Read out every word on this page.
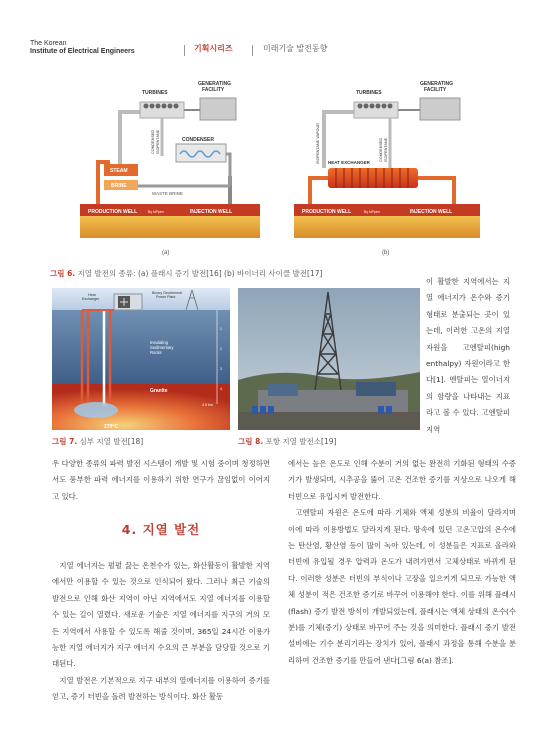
The Korean
Institute of Electrical Engineers	기획시리즈	미래기술 발전동향
PRODUCTION WELL	By kiPpen	INJECTION WELL
STEAM
BRINE
WASTE BRINE
TURBINES
GENERATING
FACILITY
CONDENSED ISOPENTANE	CONDENSER
(a)
PRODUCTION WELL	By kiPpen	INJECTION WELL
HEAT EXCHANGER
ISOPENTANE VAPOUR
TURBINES
GENERATING
FACILITY
CONDENSED ISOPENTANE
(b)
그림 6. 지열 발전의 종류: (a) 플래시 증기 발전[16] (b) 바이너리 사이클 발전[17]
Binary Geothermal
Power Plant
Heat
Exchanger
Insulating
Sedimentary
Rocks
Granite
270°C
4.5 km
1
2
3
4
그림 7. 심부 지열 발전[18]	그림 8. 포항 지열 발전소[19]
이 활발한 지역에서는 지열 에너지가 온수와 증기 형태로 분출되는 곳이 있는데, 이러한 고온의 지열 자원을 고엔탈피(high enthalpy) 자원이라고 한다[1]. 엔탈피는 열이너지의 함량을 나타내는 지표라고 볼 수 있다. 고엔탈피 지역
우 다양한 종류의 파력 발전 시스템이 개발 및 시험 중이며 청정하면서도 풍부한 파력 에너지를 이용하기 위한 연구가 끊임없이 이어지고 있다.
4. 지열 발전

지열 에너지는 펄펄 끓는 온천수가 있는, 화산활동이 활발한 지역에서만 이용할 수 있는 것으로 인식되어 왔다. 그러나 최근 기술의 발전으로 인해 화산 지역이 아닌 지역에서도 지열 에너지를 이용할 수 있는 길이 열렸다. 새로운 기술은 지열 에너지를 지구의 거의 모든 지역에서 사용할 수 있도록 해줄 것이며, 365일 24시간 이용가능한 지열 에너지가 지구 에너지 수요의 큰 부분을 담당할 것으로 기대된다.

지열 발전은 기본적으로 지구 내부의 열에너지를 이용하여 증기를 얻고, 증기 터빈을 돌려 발전하는 방식이다. 화산 활동

에서는 높은 온도로 인해 수분이 거의 없는 완전히 기화된 형태의 수증기가 발생되며, 시추공을 뚫어 고온 건조한 증기를 지상으로 나오게 해 터빈으로 유입시켜 발전한다.

고엔탈피 자원은 온도에 따라 기체와 액체 성분의 비율이 달라지며 이에 따라 이용방법도 달라지게 된다. 땅속에 있던 고온고압의 온수에는 탄산염, 황산염 등이 많이 녹아 있는데, 이 성분들은 지표로 올라와 터빈에 유입될 경우 압력과 온도가 내려가면서 고체상태로 바뀌게 된다. 이러한 성분은 터빈의 부식이나 고장을 일으키게 되므로 가능한 액체 성분이 적은 건조한 증기로 바꾸어 이용해야 한다. 이를 위해 플래시(flash) 증기 발전 방식이 개발되었는데, 플래시는 액체 상태의 온수(수분)를 기체(증기) 상태로 바꾸어 주는 것을 의미한다. 플래시 증기 발전 설비에는 기수 분리기라는 장치가 있어, 플래시 과정을 통해 수분을 분리하여 건조한 증기를 만들어 낸다[그림 6(a) 참조].
